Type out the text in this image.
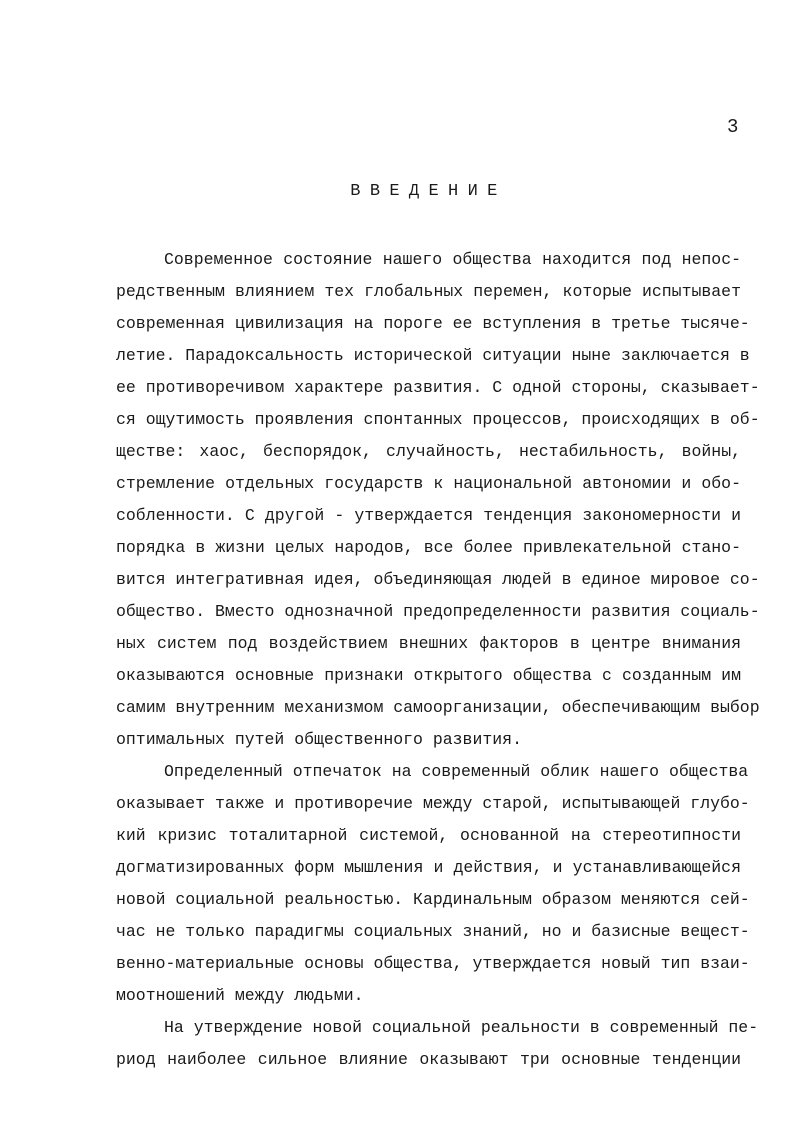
3
ВВЕДЕНИЕ
Современное состояние нашего общества находится под непос-
редственным влиянием тех глобальных перемен, которые испытывает
современная цивилизация на пороге ее вступления в третье тысяче-
летие. Парадоксальность исторической ситуации ныне заключается в
ее противоречивом характере развития. С одной стороны, сказывает-
ся ощутимость проявления спонтанных процессов, происходящих в об-
ществе: хаос, беспорядок, случайность, нестабильность, войны,
стремление отдельных государств к национальной автономии и обо-
собленности. С другой - утверждается тенденция закономерности и
порядка в жизни целых народов, все более привлекательной стано-
вится интегративная идея, объединяющая людей в единое мировое со-
общество. Вместо однозначной предопределенности развития социаль-
ных систем под воздействием внешних факторов в центре внимания
оказываются основные признаки открытого общества с созданным им
самим внутренним механизмом самоорганизации, обеспечивающим выбор
оптимальных путей общественного развития.
Определенный отпечаток на современный облик нашего общества
оказывает также и противоречие между старой, испытывающей глубо-
кий кризис тоталитарной системой, основанной на стереотипности
догматизированных форм мышления и действия, и устанавливающейся
новой социальной реальностью. Кардинальным образом меняются сей-
час не только парадигмы социальных знаний, но и базисные вещест-
венно-материальные основы общества, утверждается новый тип взаи-
моотношений между людьми.
На утверждение новой социальной реальности в современный пе-
риод наиболее сильное влияние оказывают три основные тенденции
